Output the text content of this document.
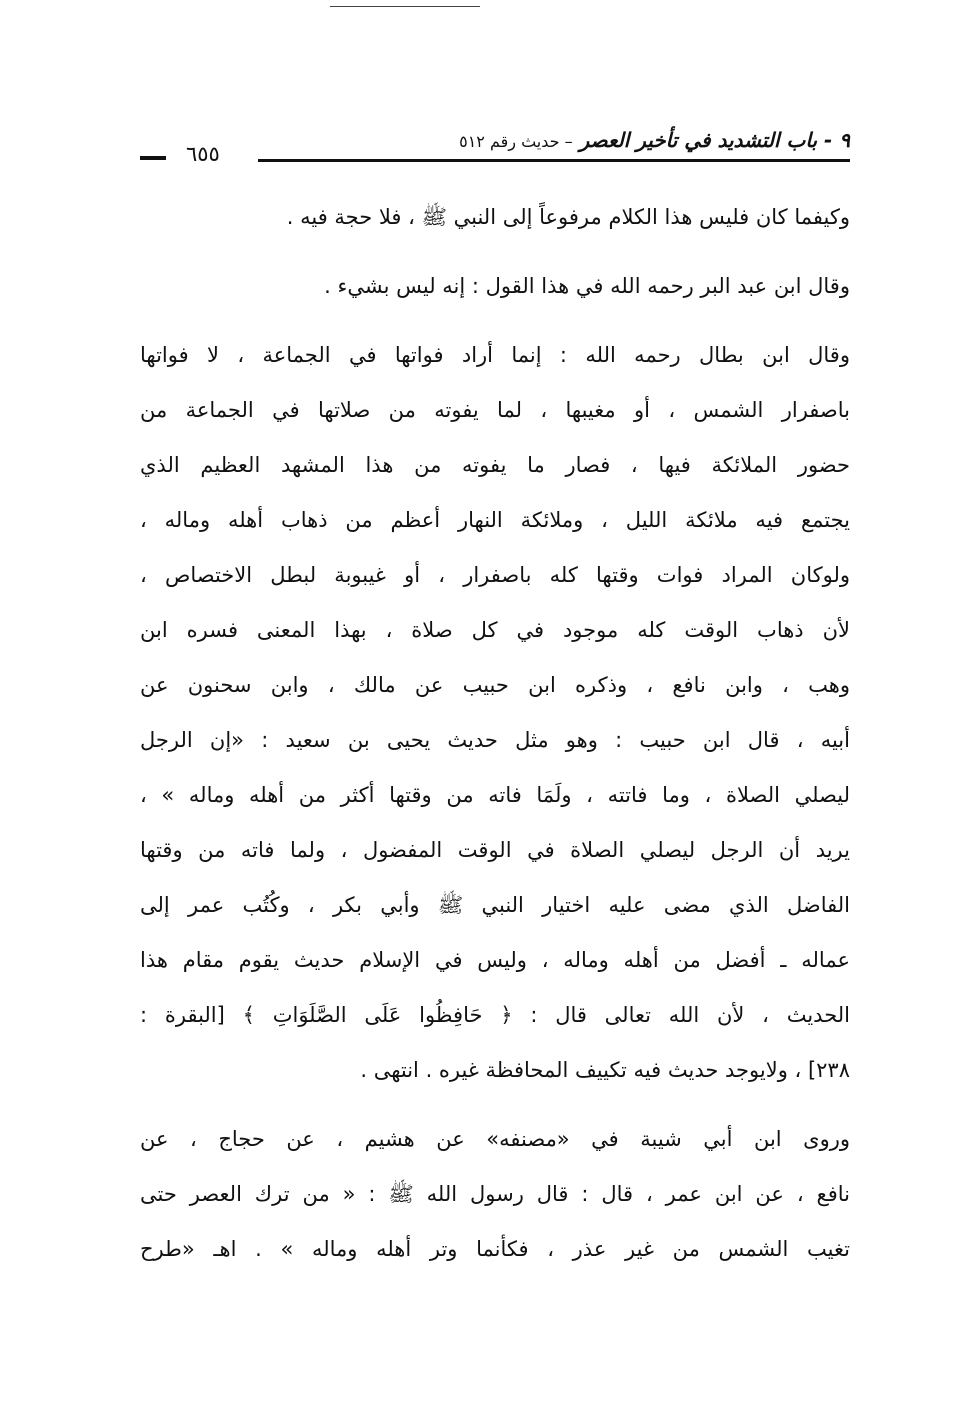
٩ - باب التشديد في تأخير العصر – حديث رقم ٥١٢
٦٥٥
وكيفما كان فليس هذا الكلام مرفوعاً إلى النبي ﷺ ، فلا حجة فيه .
وقال ابن عبد البر رحمه الله في هذا القول : إنه ليس بشيء .
وقال ابن بطال رحمه الله : إنما أراد فواتها في الجماعة ، لا فواتها
باصفرار الشمس ، أو مغيبها ، لما يفوته من صلاتها في الجماعة من
حضور الملائكة فيها ، فصار ما يفوته من هذا المشهد العظيم الذي
يجتمع فيه ملائكة الليل ، وملائكة النهار أعظم من ذهاب أهله وماله ،
ولوكان المراد فوات وقتها كله باصفرار ، أو غيبوبة لبطل الاختصاص ،
لأن ذهاب الوقت كله موجود في كل صلاة ، بهذا المعنى فسره ابن
وهب ، وابن نافع ، وذكره ابن حبيب عن مالك ، وابن سحنون عن
أبيه ، قال ابن حبيب : وهو مثل حديث يحيى بن سعيد : «إن الرجل
ليصلي الصلاة ، وما فاتته ، ولَمَا فاته من وقتها أكثر من أهله وماله » ،
يريد أن الرجل ليصلي الصلاة في الوقت المفضول ، ولما فاته من وقتها
الفاضل الذي مضى عليه اختيار النبي ﷺ وأبي بكر ، وكُتُب عمر إلى
عماله ـ أفضل من أهله وماله ، وليس في الإسلام حديث يقوم مقام هذا
الحديث ، لأن الله تعالى قال : ﴿ حَافِظُوا عَلَى الصَّلَوَاتِ ﴾ [البقرة :
٢٣٨] ، ولايوجد حديث فيه تكييف المحافظة غيره . انتهى .
وروى ابن أبي شيبة في «مصنفه» عن هشيم ، عن حجاج ، عن
نافع ، عن ابن عمر ، قال : قال رسول الله ﷺ : « من ترك العصر حتى
تغيب الشمس من غير عذر ، فكأنما وتر أهله وماله » . اهـ «طرح
